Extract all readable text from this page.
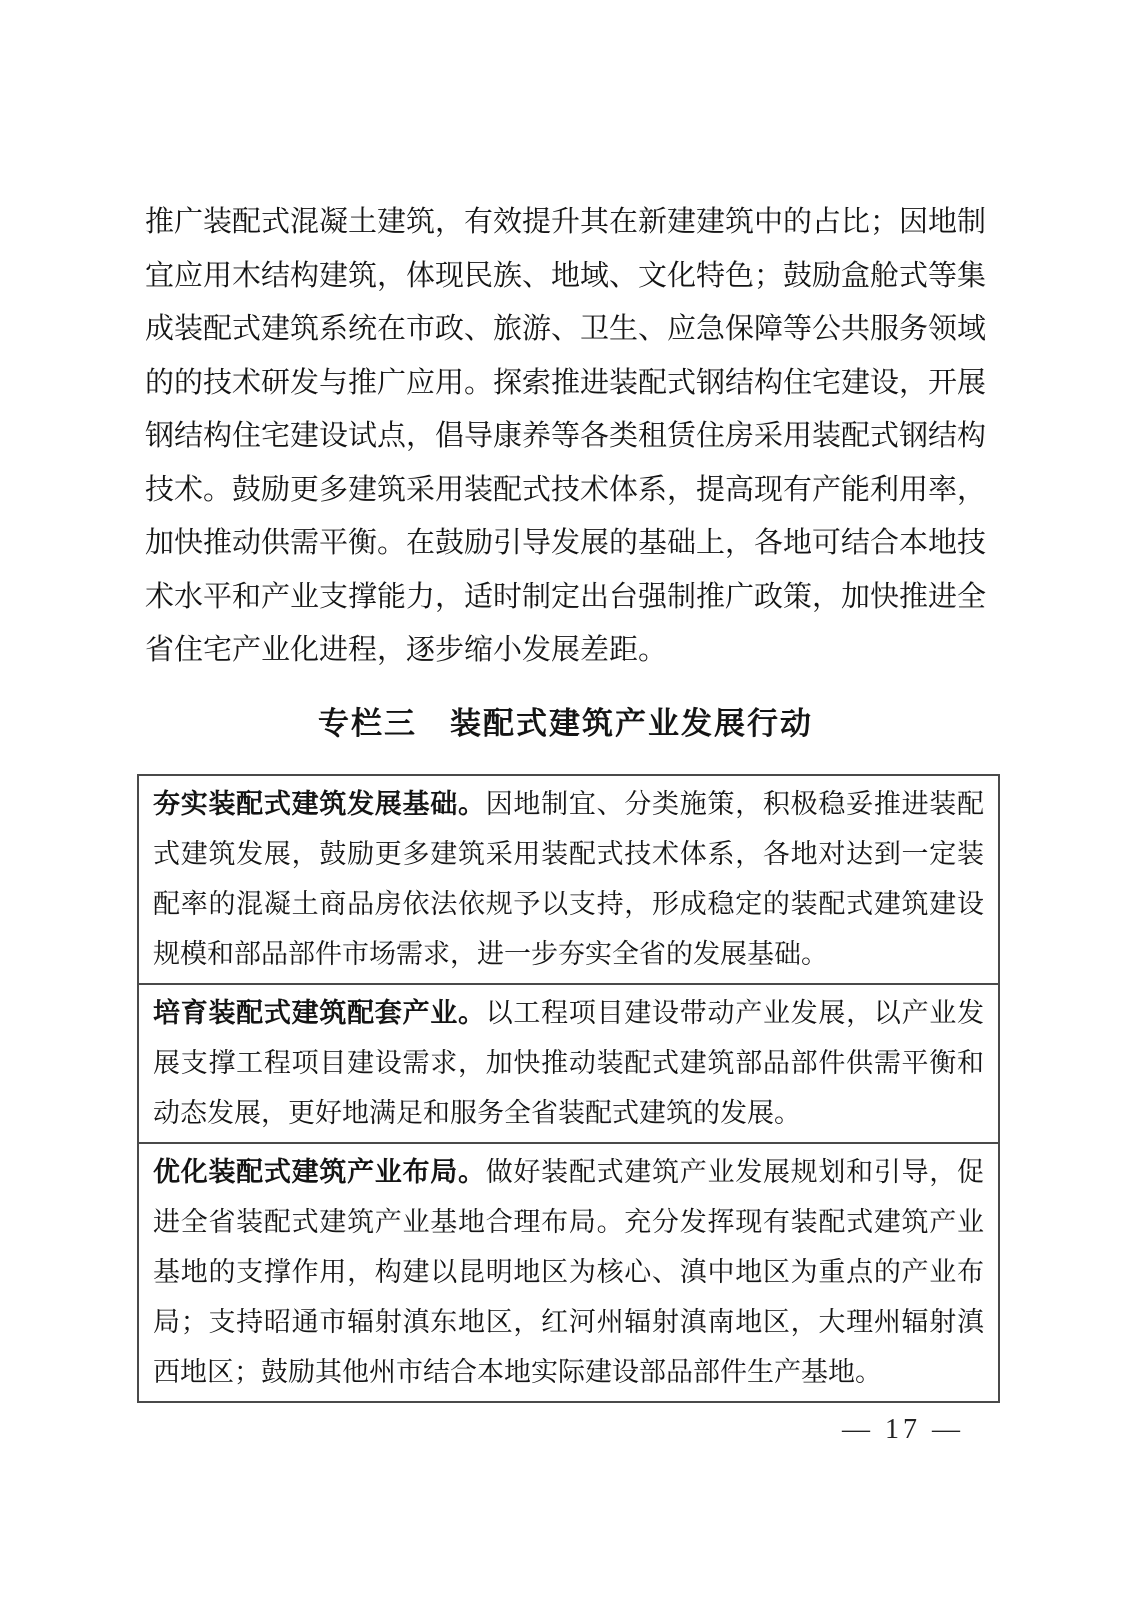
推广装配式混凝土建筑，有效提升其在新建建筑中的占比；因地制
宜应用木结构建筑，体现民族、地域、文化特色；鼓励盒舱式等集
成装配式建筑系统在市政、旅游、卫生、应急保障等公共服务领域
的的技术研发与推广应用。探索推进装配式钢结构住宅建设，开展
钢结构住宅建设试点，倡导康养等各类租赁住房采用装配式钢结构
技术。鼓励更多建筑采用装配式技术体系，提高现有产能利用率，
加快推动供需平衡。在鼓励引导发展的基础上，各地可结合本地技
术水平和产业支撑能力，适时制定出台强制推广政策，加快推进全
省住宅产业化进程，逐步缩小发展差距。
专栏三　装配式建筑产业发展行动
夯实装配式建筑发展基础。因地制宜、分类施策，积极稳妥推进装配式建筑发展，鼓励更多建筑采用装配式技术体系，各地对达到一定装配率的混凝土商品房依法依规予以支持，形成稳定的装配式建筑建设规模和部品部件市场需求，进一步夯实全省的发展基础。
培育装配式建筑配套产业。以工程项目建设带动产业发展，以产业发展支撑工程项目建设需求，加快推动装配式建筑部品部件供需平衡和动态发展，更好地满足和服务全省装配式建筑的发展。
优化装配式建筑产业布局。做好装配式建筑产业发展规划和引导，促进全省装配式建筑产业基地合理布局。充分发挥现有装配式建筑产业基地的支撑作用，构建以昆明地区为核心、滇中地区为重点的产业布局；支持昭通市辐射滇东地区，红河州辐射滇南地区，大理州辐射滇西地区；鼓励其他州市结合本地实际建设部品部件生产基地。
— 17 —
